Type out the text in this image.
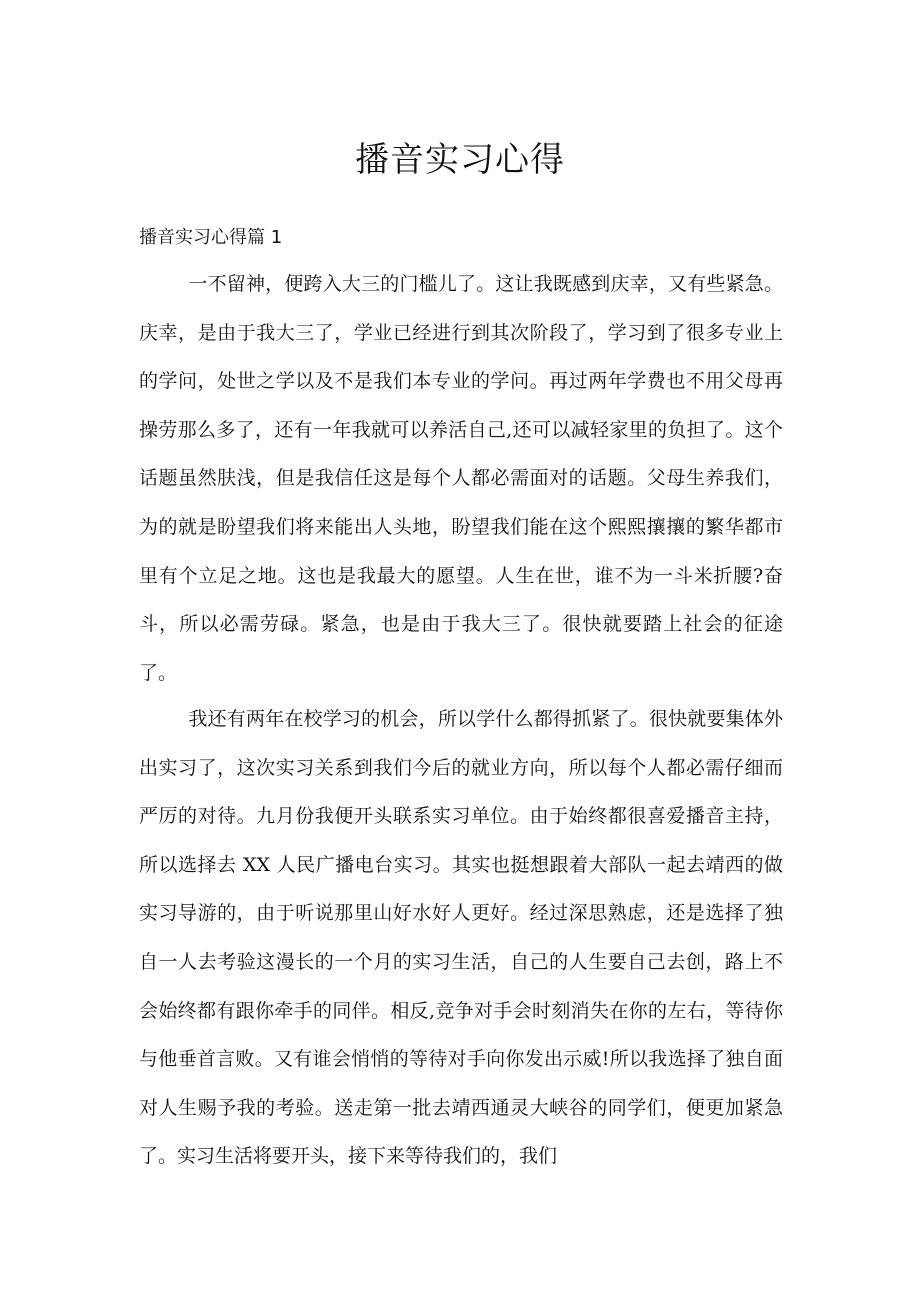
播音实习心得
播音实习心得篇 1

一不留神，便跨入大三的门槛儿了。这让我既感到庆幸，又有些紧急。庆幸，是由于我大三了，学业已经进行到其次阶段了，学习到了很多专业上的学问，处世之学以及不是我们本专业的学问。再过两年学费也不用父母再操劳那么多了，还有一年我就可以养活自己,还可以减轻家里的负担了。这个话题虽然肤浅，但是我信任这是每个人都必需面对的话题。父母生养我们，为的就是盼望我们将来能出人头地，盼望我们能在这个熙熙攘攘的繁华都市里有个立足之地。这也是我最大的愿望。人生在世，谁不为一斗米折腰?奋斗，所以必需劳碌。紧急，也是由于我大三了。很快就要踏上社会的征途了。

我还有两年在校学习的机会，所以学什么都得抓紧了。很快就要集体外出实习了，这次实习关系到我们今后的就业方向，所以每个人都必需仔细而严厉的对待。九月份我便开头联系实习单位。由于始终都很喜爱播音主持，所以选择去 XX 人民广播电台实习。其实也挺想跟着大部队一起去靖西的做实习导游的，由于听说那里山好水好人更好。经过深思熟虑，还是选择了独自一人去考验这漫长的一个月的实习生活，自己的人生要自己去创，路上不会始终都有跟你牵手的同伴。相反,竞争对手会时刻消失在你的左右，等待你与他垂首言败。又有谁会悄悄的等待对手向你发出示威!所以我选择了独自面对人生赐予我的考验。送走第一批去靖西通灵大峡谷的同学们，便更加紧急了。实习生活将要开头，接下来等待我们的，我们
